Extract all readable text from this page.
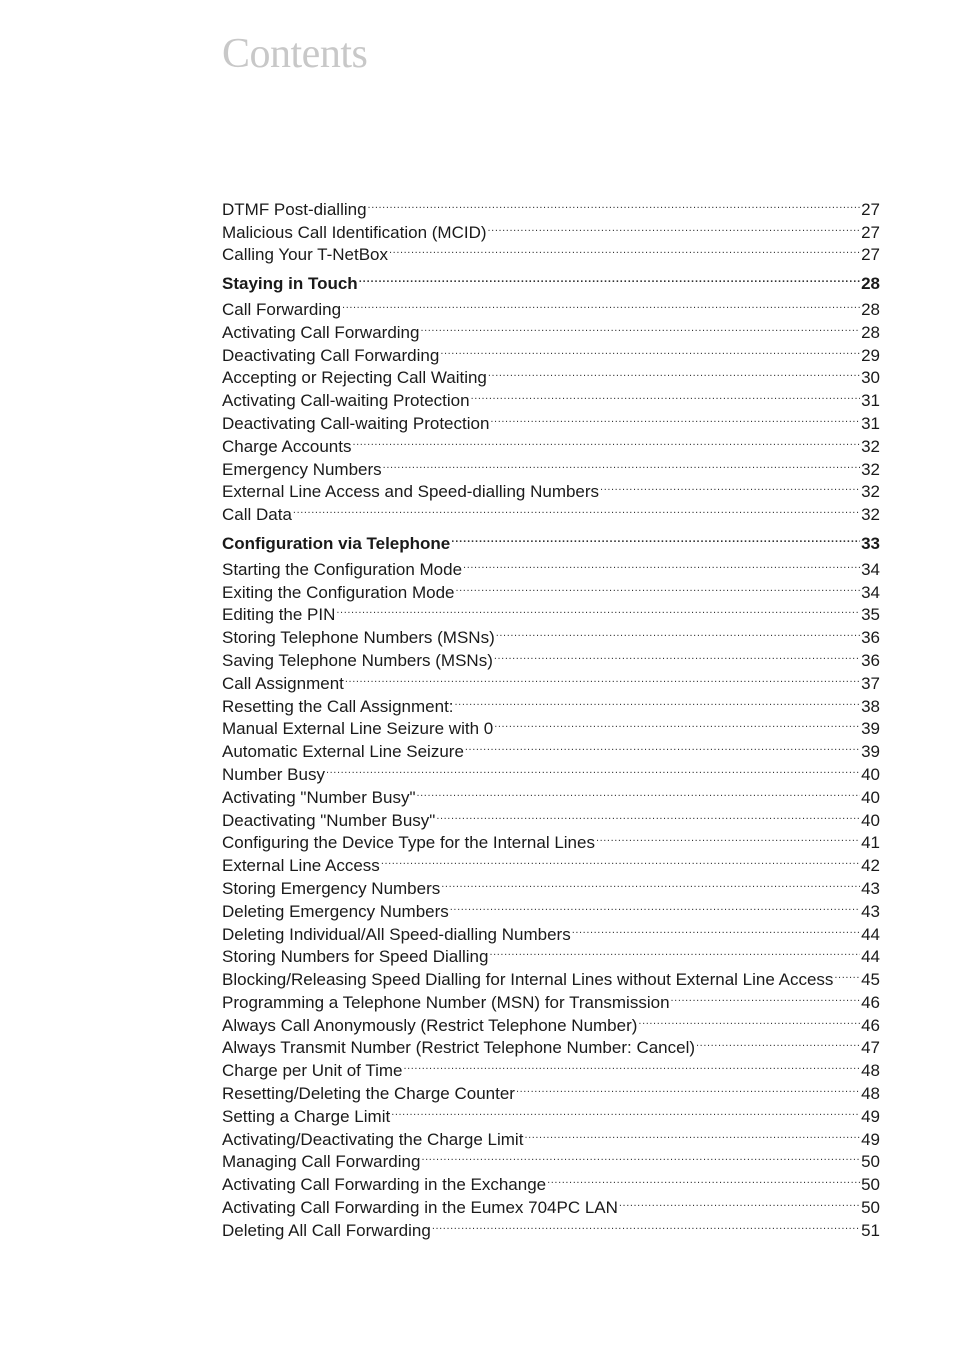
Contents
DTMF Post-dialling .....	27
Malicious Call Identification (MCID) .....	27
Calling Your T-NetBox .....	27
Staying in Touch .....	28
Call Forwarding .....	28
Activating Call Forwarding .....	28
Deactivating Call Forwarding .....	29
Accepting or Rejecting Call Waiting .....	30
Activating Call-waiting Protection .....	31
Deactivating Call-waiting Protection .....	31
Charge Accounts .....	32
Emergency Numbers .....	32
External Line Access and Speed-dialling Numbers .....	32
Call Data .....	32
Configuration via Telephone .....	33
Starting the Configuration Mode .....	34
Exiting the Configuration Mode .....	34
Editing the PIN .....	35
Storing Telephone Numbers (MSNs) .....	36
Saving Telephone Numbers (MSNs) .....	36
Call Assignment .....	37
Resetting the Call Assignment: .....	38
Manual External Line Seizure with 0 .....	39
Automatic External Line Seizure .....	39
Number Busy .....	40
Activating "Number Busy" .....	40
Deactivating "Number Busy" .....	40
Configuring the Device Type for the Internal Lines .....	41
External Line Access .....	42
Storing Emergency Numbers .....	43
Deleting Emergency Numbers .....	43
Deleting Individual/All Speed-dialling Numbers .....	44
Storing Numbers for Speed Dialling .....	44
Blocking/Releasing Speed Dialling for Internal Lines without External Line Access ..... 45
Programming a Telephone Number (MSN) for Transmission .....	46
Always Call Anonymously (Restrict Telephone Number) .....	46
Always Transmit Number (Restrict Telephone Number: Cancel) .....	47
Charge per Unit of Time .....	48
Resetting/Deleting the Charge Counter .....	48
Setting a Charge Limit .....	49
Activating/Deactivating the Charge Limit .....	49
Managing Call Forwarding .....	50
Activating Call Forwarding in the Exchange .....	50
Activating Call Forwarding in the Eumex 704PC LAN .....	50
Deleting All Call Forwarding .....	51
